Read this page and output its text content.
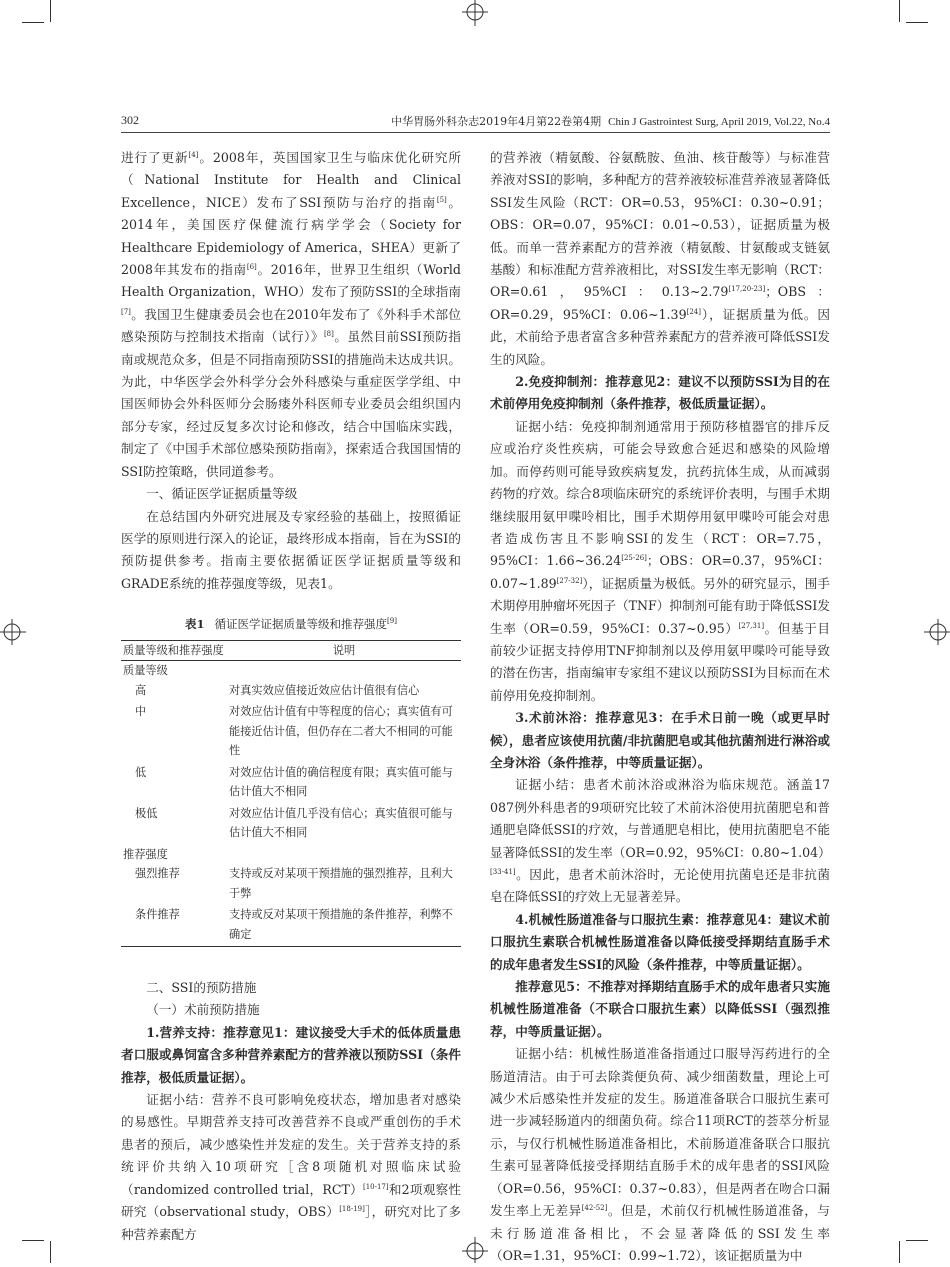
302	中华胃肠外科杂志2019年4月第22卷第4期 Chin J Gastrointest Surg, April 2019, Vol.22, No.4

进行了更新[4]。2008年，英国国家卫生与临床优化研究所（National Institute for Health and Clinical Excellence，NICE）发布了SSI预防与治疗的指南[5]。2014年，美国医疗保健流行病学学会（Society for Healthcare Epidemiology of America，SHEA）更新了2008年其发布的指南[6]。2016年，世界卫生组织（World Health Organization，WHO）发布了预防SSI的全球指南[7]。我国卫生健康委员会也在2010年发布了《外科手术部位感染预防与控制技术指南（试行）》[8]。虽然目前SSI预防指南或规范众多，但是不同指南预防SSI的措施尚未达成共识。为此，中华医学会外科学分会外科感染与重症医学学组、中国医师协会外科医师分会肠瘘外科医师专业委员会组织国内部分专家，经过反复多次讨论和修改，结合中国临床实践，制定了《中国手术部位感染预防指南》，探索适合我国国情的SSI防控策略，供同道参考。

一、循证医学证据质量等级

在总结国内外研究进展及专家经验的基础上，按照循证医学的原则进行深入的论证，最终形成本指南，旨在为SSI的预防提供参考。指南主要依据循证医学证据质量等级和GRADE系统的推荐强度等级，见表1。

表1 循证医学证据质量等级和推荐强度[9]
质量等级和推荐强度	说明
质量等级	
高	对真实效应值接近效应估计值很有信心
中	对效应估计值有中等程度的信心；真实值有可能接近估计值，但仍存在二者大不相同的可能性
低	对效应估计值的确信程度有限；真实值可能与估计值大不相同
极低	对效应估计值几乎没有信心；真实值很可能与估计值大不相同
推荐强度	
强烈推荐	支持或反对某项干预措施的强烈推荐，且利大于弊
条件推荐	支持或反对某项干预措施的条件推荐，利弊不确定

二、SSI的预防措施

（一）术前预防措施

1.营养支持：推荐意见1：建议接受大手术的低体质量患者口服或鼻饲富含多种营养素配方的营养液以预防SSI（条件推荐，极低质量证据）。

证据小结：营养不良可影响免疫状态，增加患者对感染的易感性。早期营养支持可改善营养不良或严重创伤的手术患者的预后，减少感染性并发症的发生。关于营养支持的系统评价共纳入10项研究［含8项随机对照临床试验（randomized controlled trial，RCT）[10-17]和2项观察性研究（observational study，OBS）[18-19]］，研究对比了多种营养素配方

的营养液（精氨酸、谷氨酰胺、鱼油、核苷酸等）与标准营养液对SSI的影响，多种配方的营养液较标准营养液显著降低SSI发生风险（RCT：OR=0.53，95%CI：0.30~0.91；OBS：OR=0.07，95%CI：0.01~0.53），证据质量为极低。而单一营养素配方的营养液（精氨酸、甘氨酸或支链氨基酸）和标准配方营养液相比，对SSI发生率无影响（RCT：OR=0.61，95%CI：0.13~2.79[17,20-23]；OBS：OR=0.29，95%CI：0.06~1.39[24]），证据质量为低。因此，术前给予患者富含多种营养素配方的营养液可降低SSI发生的风险。

2.免疫抑制剂：推荐意见2：建议不以预防SSI为目的在术前停用免疫抑制剂（条件推荐，极低质量证据）。

证据小结：免疫抑制剂通常用于预防移植器官的排斥反应或治疗炎性疾病，可能会导致愈合延迟和感染的风险增加。而停药则可能导致疾病复发，抗药抗体生成，从而减弱药物的疗效。综合8项临床研究的系统评价表明，与围手术期继续服用氨甲喋呤相比，围手术期停用氨甲喋呤可能会对患者造成伤害且不影响SSI的发生（RCT：OR=7.75，95%CI：1.66~36.24[25-26]；OBS：OR=0.37，95%CI：0.07~1.89[27-32]），证据质量为极低。另外的研究显示，围手术期停用肿瘤坏死因子（TNF）抑制剂可能有助于降低SSI发生率（OR=0.59，95%CI：0.37~0.95）[27,31]。但基于目前较少证据支持停用TNF抑制剂以及停用氨甲喋呤可能导致的潜在伤害，指南编审专家组不建议以预防SSI为目标而在术前停用免疫抑制剂。

3.术前沐浴：推荐意见3：在手术日前一晚（或更早时候），患者应该使用抗菌/非抗菌肥皂或其他抗菌剂进行淋浴或全身沐浴（条件推荐，中等质量证据）。

证据小结：患者术前沐浴或淋浴为临床规范。涵盖17 087例外科患者的9项研究比较了术前沐浴使用抗菌肥皂和普通肥皂降低SSI的疗效，与普通肥皂相比，使用抗菌肥皂不能显著降低SSI的发生率（OR=0.92，95%CI：0.80~1.04）[33-41]。因此，患者术前沐浴时，无论使用抗菌皂还是非抗菌皂在降低SSI的疗效上无显著差异。

4.机械性肠道准备与口服抗生素：推荐意见4：建议术前口服抗生素联合机械性肠道准备以降低接受择期结直肠手术的成年患者发生SSI的风险（条件推荐，中等质量证据）。

推荐意见5：不推荐对择期结直肠手术的成年患者只实施机械性肠道准备（不联合口服抗生素）以降低SSI（强烈推荐，中等质量证据）。

证据小结：机械性肠道准备指通过口服导泻药进行的全肠道清洁。由于可去除粪便负荷、减少细菌数量，理论上可减少术后感染性并发症的发生。肠道准备联合口服抗生素可进一步减轻肠道内的细菌负荷。综合11项RCT的荟萃分析显示，与仅行机械性肠道准备相比，术前肠道准备联合口服抗生素可显著降低接受择期结直肠手术的成年患者的SSI风险（OR=0.56，95%CI：0.37~0.83），但是两者在吻合口漏发生率上无差异[42-52]。但是，术前仅行机械性肠道准备，与未行肠道准备相比，不会显著降低的SSI发生率（OR=1.31，95%CI：0.99~1.72），该证据质量为中
